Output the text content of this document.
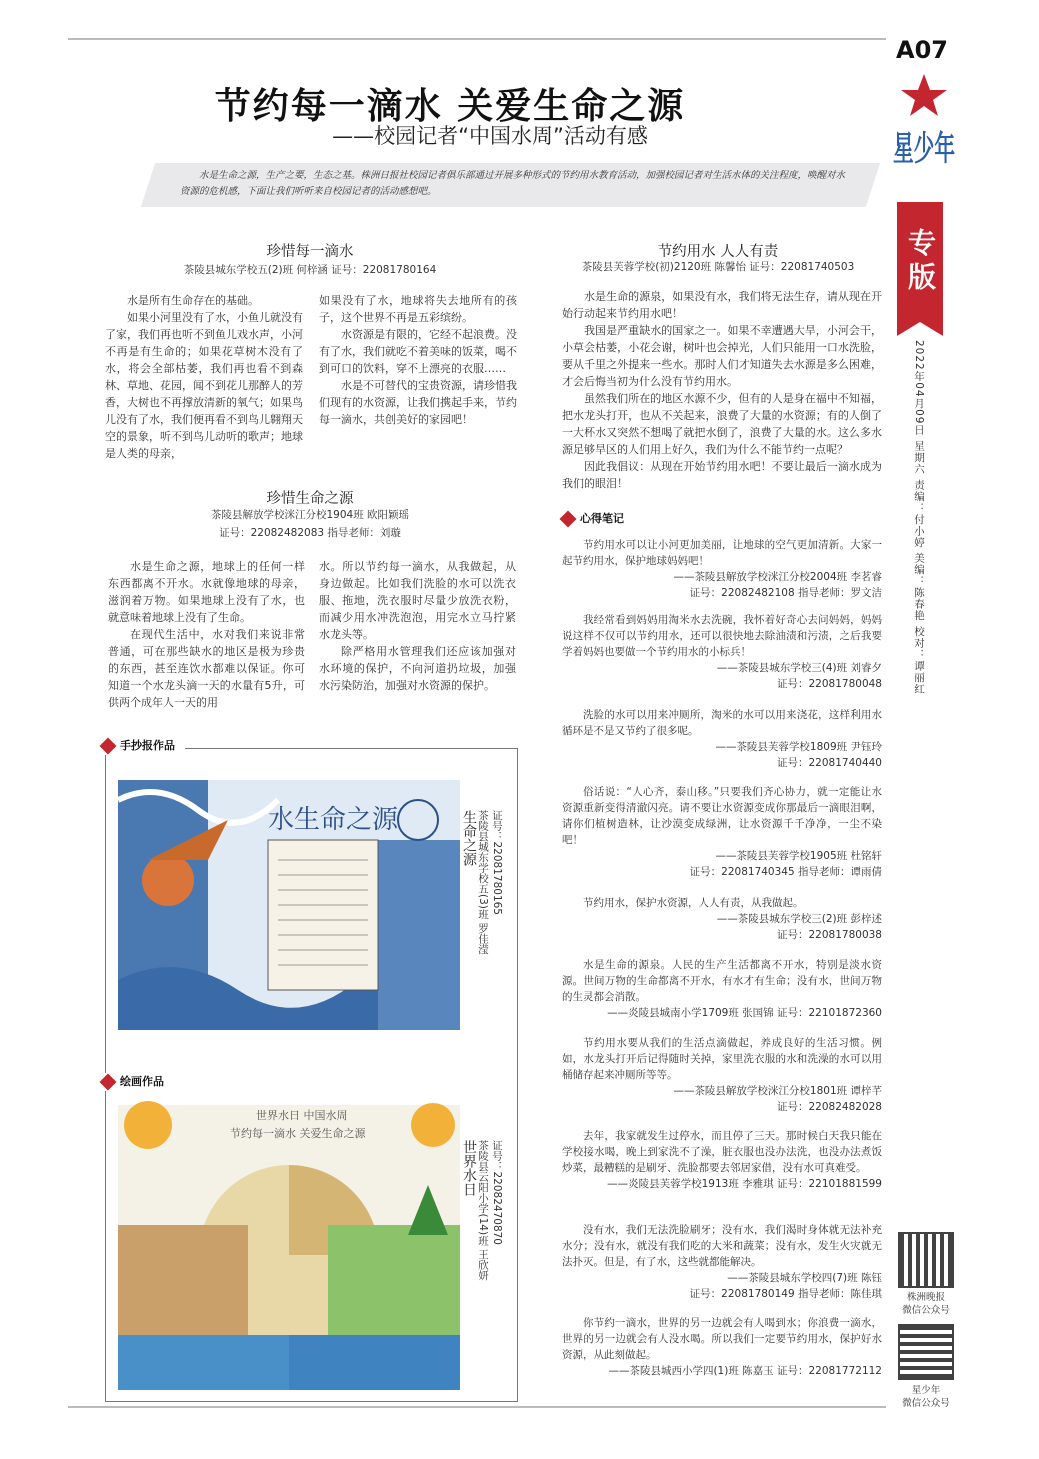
节约每一滴水 关爱生命之源
——校园记者“中国水周”活动有感
水是生命之源，生产之要，生态之基。株洲日报社校园记者俱乐部通过开展多种形式的节约用水教育活动，加强校园记者对生活水体的关注程度，唤醒对水资源的危机感，下面让我们听听来自校园记者的活动感想吧。
珍惜每一滴水
茶陵县城东学校五(2)班 何梓涵 证号：22081780164

水是所有生命存在的基础。

如果小河里没有了水，小鱼儿就没有了家，我们再也听不到鱼儿戏水声，小河不再是有生命的；如果花草树木没有了水，将会全部枯萎，我们再也看不到森林、草地、花园，闻不到花儿那醉人的芳香，大树也不再撑放清新的氧气；如果鸟儿没有了水，我们便再看不到鸟儿翱翔天空的景象，听不到鸟儿动听的歌声；地球是人类的母亲，

如果没有了水，地球将失去地所有的孩子，这个世界不再是五彩缤纷。

水资源是有限的，它经不起浪费。没有了水，我们就吃不着美味的饭菜，喝不到可口的饮料，穿不上漂亮的衣服……

水是不可替代的宝贵资源，请珍惜我们现有的水资源，让我们携起手来，节约每一滴水，共创美好的家园吧！

珍惜生命之源
茶陵县解放学校洣江分校1904班 欧阳颖瑶
证号：22082482083 指导老师：刘璇

水是生命之源，地球上的任何一样东西都离不开水。水就像地球的母亲，滋润着万物。如果地球上没有了水，也就意味着地球上没有了生命。

在现代生活中，水对我们来说非常普通，可在那些缺水的地区是极为珍贵的东西，甚至连饮水都难以保证。你可知道一个水龙头滴一天的水量有5升，可供两个成年人一天的用

水。所以节约每一滴水，从我做起，从身边做起。比如我们洗脸的水可以洗衣服、拖地，洗衣服时尽量少放洗衣粉，而减少用水冲洗泡泡，用完水立马拧紧水龙头等。

除严格用水管理我们还应该加强对水环境的保护，不向河道扔垃圾，加强水污染防治，加强对水资源的保护。

手抄报作品
水生命之源	生命之源 茶陵县城东学校五(3)班 罗佳滢 证号：22081780165
绘画作品
世界水日 中国水周
节约每一滴水 关爱生命之源
世界水日 茶陵县云阳小学(14)班 王欣妍 证号：22082470870
节约用水 人人有责
茶陵县芙蓉学校(初)2120班 陈馨怡 证号：22081740503

水是生命的源泉，如果没有水，我们将无法生存，请从现在开始行动起来节约用水吧！

我国是严重缺水的国家之一。如果不幸遭遇大旱，小河会干，小草会枯萎，小花会谢，树叶也会掉光，人们只能用一口水洗脸，要从千里之外提来一些水。那时人们才知道失去水源是多么困难，才会后悔当初为什么没有节约用水。

虽然我们所在的地区水源不少，但有的人是身在福中不知福，把水龙头打开，也从不关起来，浪费了大量的水资源；有的人倒了一大杯水又突然不想喝了就把水倒了，浪费了大量的水。这么多水源足够旱区的人们用上好久，我们为什么不能节约一点呢？

因此我倡议：从现在开始节约用水吧！不要让最后一滴水成为我们的眼泪！

心得笔记

节约用水可以让小河更加美丽，让地球的空气更加清新。大家一起节约用水，保护地球妈妈吧！

——茶陵县解放学校洣江分校2004班 李茗睿

证号：22082482108 指导老师：罗文洁

我经常看到妈妈用淘米水去洗碗，我怀着好奇心去问妈妈，妈妈说这样不仅可以节约用水，还可以很快地去除油渍和污渍，之后我要学着妈妈也要做一个节约用水的小标兵！

——茶陵县城东学校三(4)班 刘睿夕

证号：22081780048

洗脸的水可以用来冲厕所，淘米的水可以用来浇花，这样利用水循环是不是又节约了很多呢。

——茶陵县芙蓉学校1809班 尹钰玲

证号：22081740440

俗话说：“人心齐，泰山移。”只要我们齐心协力，就一定能让水资源重新变得清澈闪亮。请不要让水资源变成你那最后一滴眼泪啊，请你们植树造林，让沙漠变成绿洲，让水资源千千净净，一尘不染吧！

——茶陵县芙蓉学校1905班 杜铭轩

证号：22081740345 指导老师：谭雨倩

节约用水，保护水资源，人人有责，从我做起。

——茶陵县城东学校三(2)班 彭梓述

证号：22081780038

水是生命的源泉。人民的生产生活都离不开水，特别是淡水资源。世间万物的生命都离不开水，有水才有生命；没有水，世间万物的生灵都会消散。

——炎陵县城南小学1709班 张国锦 证号：22101872360

节约用水要从我们的生活点滴做起，养成良好的生活习惯。例如，水龙头打开后记得随时关掉，家里洗衣服的水和洗澡的水可以用桶储存起来冲厕所等等。

——茶陵县解放学校洣江分校1801班 谭梓芊

证号：22082482028

去年，我家就发生过停水，而且停了三天。那时候白天我只能在学校接水喝，晚上到家洗不了澡，脏衣服也没办法洗，也没办法煮饭炒菜，最糟糕的是刷牙、洗脸都要去邻居家借，没有水可真难受。

——炎陵县芙蓉学校1913班 李雅琪 证号：22101881599

没有水，我们无法洗脸刷牙；没有水，我们渴时身体就无法补充水分；没有水，就没有我们吃的大米和蔬菜；没有水，发生火灾就无法扑灭。但是，有了水，这些就都能解决。

——茶陵县城东学校四(7)班 陈钰

证号：22081780149 指导老师：陈佳琪

你节约一滴水，世界的另一边就会有人喝到水；你浪费一滴水，世界的另一边就会有人没水喝。所以我们一定要节约用水，保护好水资源，从此刻做起。

——茶陵县城西小学四(1)班 陈嘉玉 证号：22081772112

A07
星少年
专版
2022年04月09日 星期六 责编：付小婷 美编：陈春艳 校对：谭丽红
株洲晚报
微信公众号
星少年
微信公众号
